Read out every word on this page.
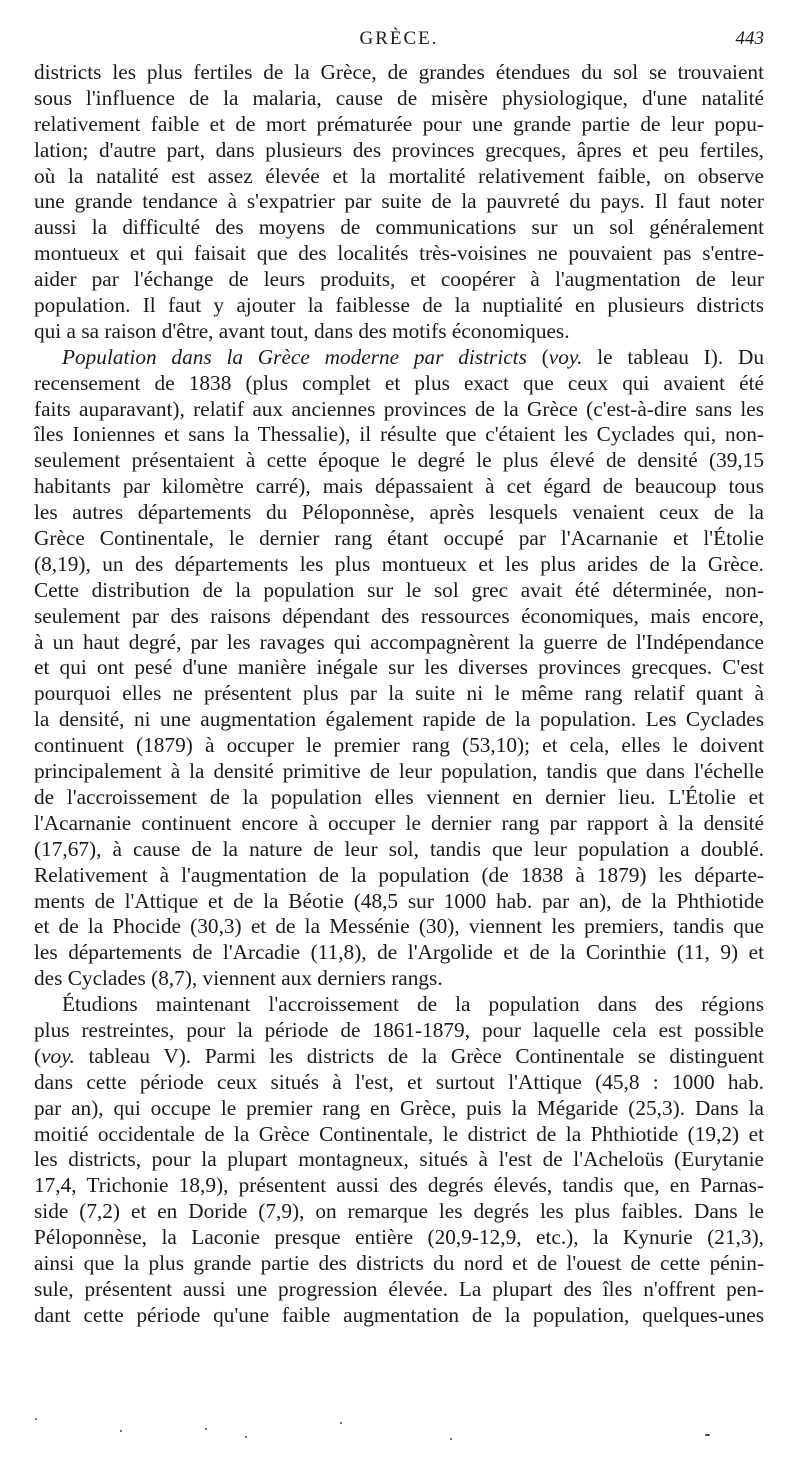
GRÈCE.	443
districts les plus fertiles de la Grèce, de grandes étendues du sol se trouvaient
sous l'influence de la malaria, cause de misère physiologique, d'une natalité
relativement faible et de mort prématurée pour une grande partie de leur popu-
lation; d'autre part, dans plusieurs des provinces grecques, âpres et peu fertiles,
où la natalité est assez élevée et la mortalité relativement faible, on observe
une grande tendance à s'expatrier par suite de la pauvreté du pays. Il faut noter
aussi la difficulté des moyens de communications sur un sol généralement
montueux et qui faisait que des localités très-voisines ne pouvaient pas s'entre-
aider par l'échange de leurs produits, et coopérer à l'augmentation de leur
population. Il faut y ajouter la faiblesse de la nuptialité en plusieurs districts
qui a sa raison d'être, avant tout, dans des motifs économiques.
Population dans la Grèce moderne par districts (voy. le tableau I). Du
recensement de 1838 (plus complet et plus exact que ceux qui avaient été
faits auparavant), relatif aux anciennes provinces de la Grèce (c'est-à-dire sans les
îles Ioniennes et sans la Thessalie), il résulte que c'étaient les Cyclades qui, non-
seulement présentaient à cette époque le degré le plus élevé de densité (39,15
habitants par kilomètre carré), mais dépassaient à cet égard de beaucoup tous
les autres départements du Péloponnèse, après lesquels venaient ceux de la
Grèce Continentale, le dernier rang étant occupé par l'Acarnanie et l'Étolie
(8,19), un des départements les plus montueux et les plus arides de la Grèce.
Cette distribution de la population sur le sol grec avait été déterminée, non-
seulement par des raisons dépendant des ressources économiques, mais encore,
à un haut degré, par les ravages qui accompagnèrent la guerre de l'Indépendance
et qui ont pesé d'une manière inégale sur les diverses provinces grecques. C'est
pourquoi elles ne présentent plus par la suite ni le même rang relatif quant à
la densité, ni une augmentation également rapide de la population. Les Cyclades
continuent (1879) à occuper le premier rang (53,10); et cela, elles le doivent
principalement à la densité primitive de leur population, tandis que dans l'échelle
de l'accroissement de la population elles viennent en dernier lieu. L'Étolie et
l'Acarnanie continuent encore à occuper le dernier rang par rapport à la densité
(17,67), à cause de la nature de leur sol, tandis que leur population a doublé.
Relativement à l'augmentation de la population (de 1838 à 1879) les départe-
ments de l'Attique et de la Béotie (48,5 sur 1000 hab. par an), de la Phthiotide
et de la Phocide (30,3) et de la Messénie (30), viennent les premiers, tandis que
les départements de l'Arcadie (11,8), de l'Argolide et de la Corinthie (11, 9) et
des Cyclades (8,7), viennent aux derniers rangs.
Étudions maintenant l'accroissement de la population dans des régions
plus restreintes, pour la période de 1861-1879, pour laquelle cela est possible
(voy. tableau V). Parmi les districts de la Grèce Continentale se distinguent
dans cette période ceux situés à l'est, et surtout l'Attique (45,8 : 1000 hab.
par an), qui occupe le premier rang en Grèce, puis la Mégaride (25,3). Dans la
moitié occidentale de la Grèce Continentale, le district de la Phthiotide (19,2) et
les districts, pour la plupart montagneux, situés à l'est de l'Acheloüs (Eurytanie
17,4, Trichonie 18,9), présentent aussi des degrés élevés, tandis que, en Parnas-
side (7,2) et en Doride (7,9), on remarque les degrés les plus faibles. Dans le
Péloponnèse, la Laconie presque entière (20,9-12,9, etc.), la Kynurie (21,3),
ainsi que la plus grande partie des districts du nord et de l'ouest de cette pénin-
sule, présentent aussi une progression élevée. La plupart des îles n'offrent pen-
dant cette période qu'une faible augmentation de la population, quelques-unes
